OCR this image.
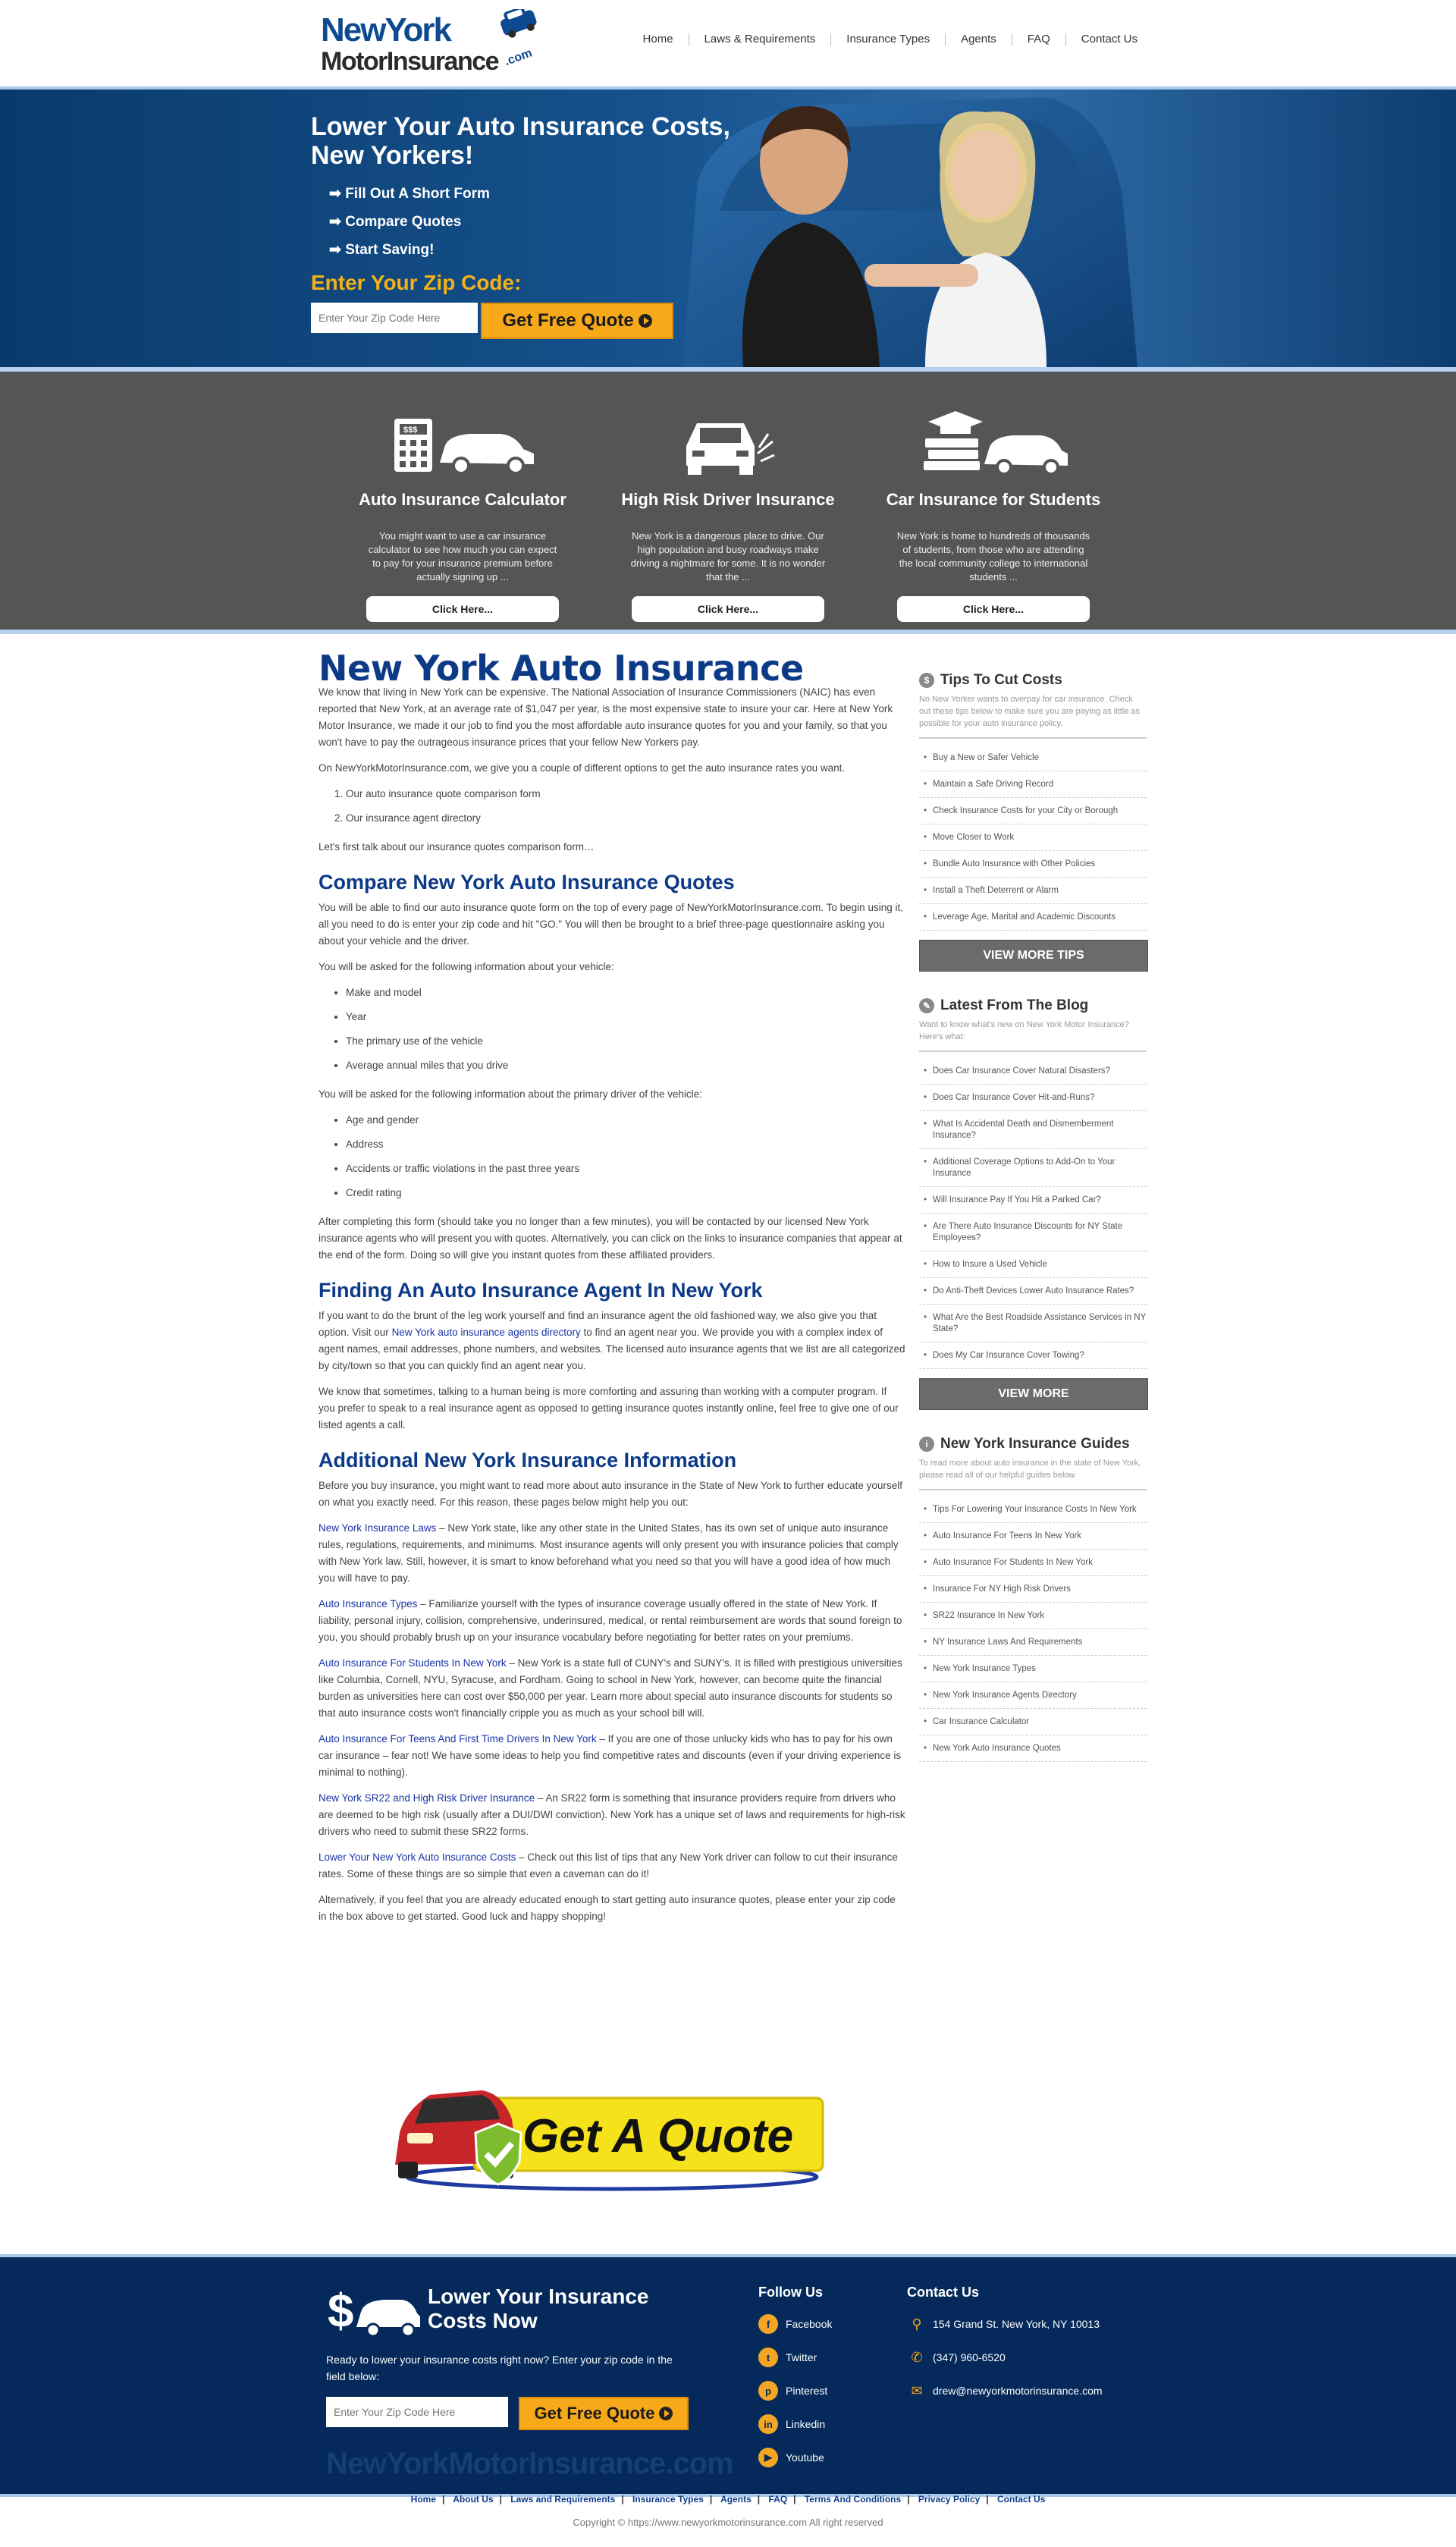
NewYork
MotorInsurance .com
Home	Laws & Requirements	Insurance Types	Agents	FAQ	Contact Us
Lower Your Auto Insurance Costs, New Yorkers!
➡ Fill Out A Short Form
➡ Compare Quotes
➡ Start Saving!
Enter Your Zip Code:
Enter Your Zip Code Here
Get Free Quote
$$$
Auto Insurance Calculator
You might want to use a car insurance calculator to see how much you can expect to pay for your insurance premium before actually signing up ...
Click Here...
High Risk Driver Insurance
New York is a dangerous place to drive. Our high population and busy roadways make driving a nightmare for some. It is no wonder that the ...
Click Here...
Car Insurance for Students
New York is home to hundreds of thousands of students, from those who are attending the local community college to international students ...
Click Here...
New York Auto Insurance

We know that living in New York can be expensive. The National Association of Insurance Commissioners (NAIC) has even reported that New York, at an average rate of $1,047 per year, is the most expensive state to insure your car. Here at New York Motor Insurance, we made it our job to find you the most affordable auto insurance quotes for you and your family, so that you won't have to pay the outrageous insurance prices that your fellow New Yorkers pay.

On NewYorkMotorInsurance.com, we give you a couple of different options to get the auto insurance rates you want.

1. Our auto insurance quote comparison form
2. Our insurance agent directory

Let's first talk about our insurance quotes comparison form…

Compare New York Auto Insurance Quotes

You will be able to find our auto insurance quote form on the top of every page of NewYorkMotorInsurance.com. To begin using it, all you need to do is enter your zip code and hit "GO." You will then be brought to a brief three-page questionnaire asking you about your vehicle and the driver.

You will be asked for the following information about your vehicle:

• Make and model
• Year
• The primary use of the vehicle
• Average annual miles that you drive

You will be asked for the following information about the primary driver of the vehicle:

• Age and gender
• Address
• Accidents or traffic violations in the past three years
• Credit rating

After completing this form (should take you no longer than a few minutes), you will be contacted by our licensed New York insurance agents who will present you with quotes. Alternatively, you can click on the links to insurance companies that appear at the end of the form. Doing so will give you instant quotes from these affiliated providers.

Finding An Auto Insurance Agent In New York

If you want to do the brunt of the leg work yourself and find an insurance agent the old fashioned way, we also give you that option. Visit our New York auto insurance agents directory to find an agent near you. We provide you with a complex index of agent names, email addresses, phone numbers, and websites. The licensed auto insurance agents that we list are all categorized by city/town so that you can quickly find an agent near you.

We know that sometimes, talking to a human being is more comforting and assuring than working with a computer program. If you prefer to speak to a real insurance agent as opposed to getting insurance quotes instantly online, feel free to give one of our listed agents a call.

Additional New York Insurance Information

Before you buy insurance, you might want to read more about auto insurance in the State of New York to further educate yourself on what you exactly need. For this reason, these pages below might help you out:

New York Insurance Laws – New York state, like any other state in the United States, has its own set of unique auto insurance rules, regulations, requirements, and minimums. Most insurance agents will only present you with insurance policies that comply with New York law. Still, however, it is smart to know beforehand what you need so that you will have a good idea of how much you will have to pay.

Auto Insurance Types – Familiarize yourself with the types of insurance coverage usually offered in the state of New York. If liability, personal injury, collision, comprehensive, underinsured, medical, or rental reimbursement are words that sound foreign to you, you should probably brush up on your insurance vocabulary before negotiating for better rates on your premiums.

Auto Insurance For Students In New York – New York is a state full of CUNY's and SUNY's. It is filled with prestigious universities like Columbia, Cornell, NYU, Syracuse, and Fordham. Going to school in New York, however, can become quite the financial burden as universities here can cost over $50,000 per year. Learn more about special auto insurance discounts for students so that auto insurance costs won't financially cripple you as much as your school bill will.

Auto Insurance For Teens And First Time Drivers In New York – If you are one of those unlucky kids who has to pay for his own car insurance – fear not! We have some ideas to help you find competitive rates and discounts (even if your driving experience is minimal to nothing).

New York SR22 and High Risk Driver Insurance – An SR22 form is something that insurance providers require from drivers who are deemed to be high risk (usually after a DUI/DWI conviction). New York has a unique set of laws and requirements for high-risk drivers who need to submit these SR22 forms.

Lower Your New York Auto Insurance Costs – Check out this list of tips that any New York driver can follow to cut their insurance rates. Some of these things are so simple that even a caveman can do it!

Alternatively, if you feel that you are already educated enough to start getting auto insurance quotes, please enter your zip code in the box above to get started. Good luck and happy shopping!

Get A Quote
$ Tips To Cut Costs
No New Yorker wants to overpay for car insurance. Check out these tips below to make sure you are paying as little as possible for your auto insurance policy.
• Buy a New or Safer Vehicle
• Maintain a Safe Driving Record
• Check Insurance Costs for your City or Borough
• Move Closer to Work
• Bundle Auto Insurance with Other Policies
• Install a Theft Deterrent or Alarm
• Leverage Age, Marital and Academic Discounts
VIEW MORE TIPS
✎ Latest From The Blog
Want to know what's new on New York Motor Insurance? Here's what:
• Does Car Insurance Cover Natural Disasters?
• Does Car Insurance Cover Hit-and-Runs?
• What Is Accidental Death and Dismemberment Insurance?
• Additional Coverage Options to Add-On to Your Insurance
• Will Insurance Pay If You Hit a Parked Car?
• Are There Auto Insurance Discounts for NY State Employees?
• How to Insure a Used Vehicle
• Do Anti-Theft Devices Lower Auto Insurance Rates?
• What Are the Best Roadside Assistance Services in NY State?
• Does My Car Insurance Cover Towing?
VIEW MORE
i New York Insurance Guides
To read more about auto insurance in the state of New York, please read all of our helpful guides below
• Tips For Lowering Your Insurance Costs In New York
• Auto Insurance For Teens In New York
• Auto Insurance For Students In New York
• Insurance For NY High Risk Drivers
• SR22 Insurance In New York
• NY Insurance Laws And Requirements
• New York Insurance Types
• New York Insurance Agents Directory
• Car Insurance Calculator
• New York Auto Insurance Quotes
$	Lower Your Insurance Costs Now
Ready to lower your insurance costs right now? Enter your zip code in the field below:
Enter Your Zip Code Here
Get Free Quote
NewYorkMotorInsurance.com
Follow Us
f	Facebook
t	Twitter
p	Pinterest
in	Linkedin
▶	Youtube
Contact Us
⚲	154 Grand St. New York, NY 10013
✆ (347) 960-6520
✉ drew@newyorkmotorinsurance.com
Home | About Us | Laws and Requirements | Insurance Types | Agents | FAQ | Terms And Conditions | Privacy Policy | Contact Us
Copyright © https://www.newyorkmotorinsurance.com All right reserved
